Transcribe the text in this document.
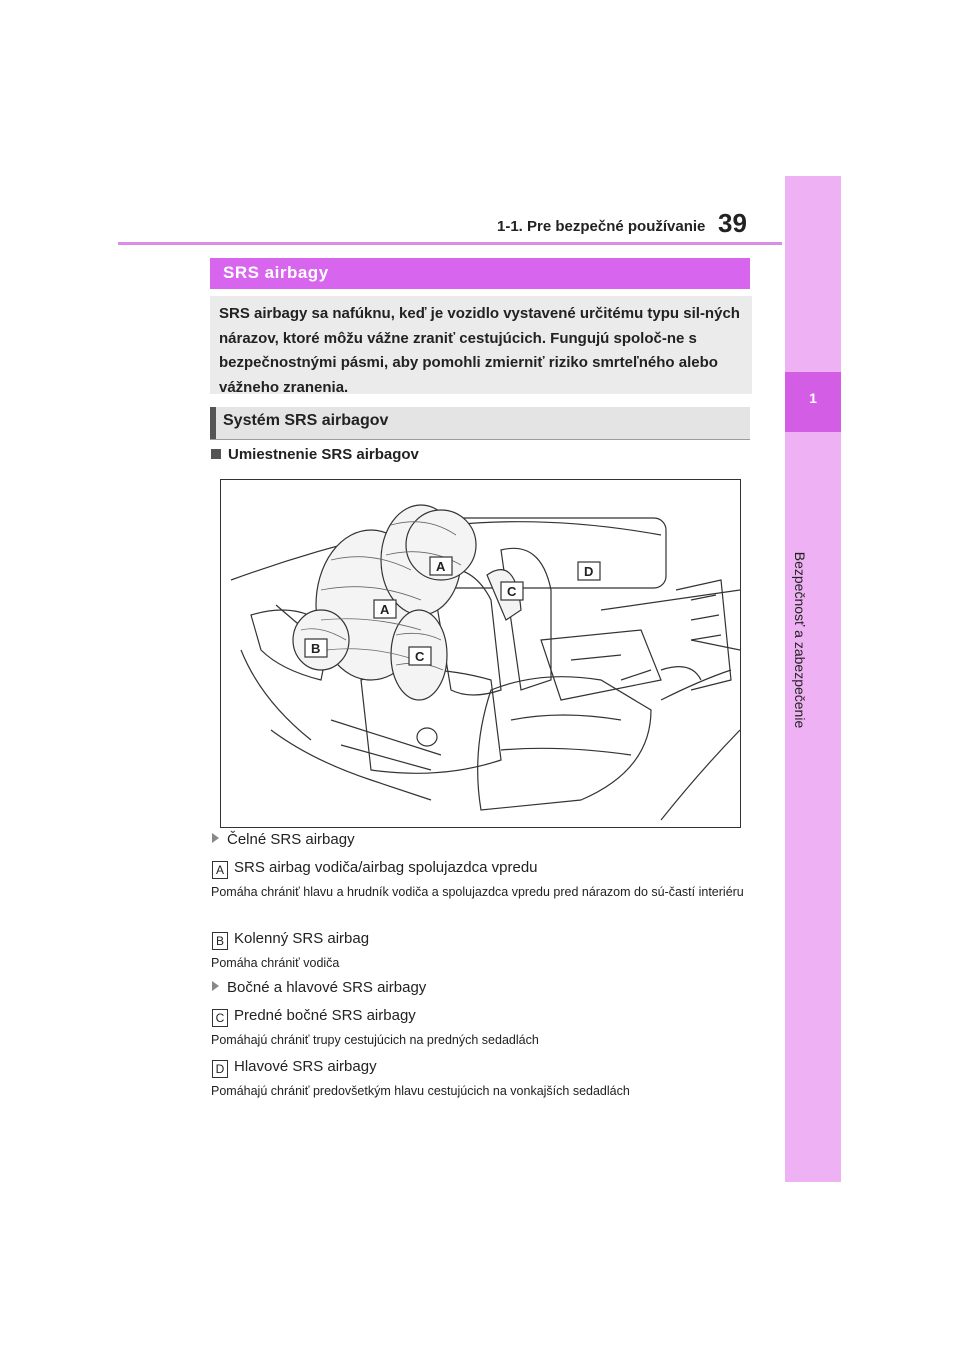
1
Bezpečnosť a zabezpečenie
1-1. Pre bezpečné používanie 39
SRS airbagy

SRS airbagy sa nafúknu, keď je vozidlo vystavené určitému typu sil-ných nárazov, ktoré môžu vážne zraniť cestujúcich. Fungujú spoloč-ne s bezpečnostnými pásmi, aby pomohli zmierniť riziko smrteľného alebo vážneho zranenia.

Systém SRS airbagov
Umiestnenie SRS airbagov
A
A
B
C
C
D
Čelné SRS airbagy
A SRS airbag vodiča/airbag spolujazdca vpredu
Pomáha chrániť hlavu a hrudník vodiča a spolujazdca vpredu pred nárazom do sú-častí interiéru
B Kolenný SRS airbag
Pomáha chrániť vodiča
Bočné a hlavové SRS airbagy
C Predné bočné SRS airbagy
Pomáhajú chrániť trupy cestujúcich na predných sedadlách
D Hlavové SRS airbagy
Pomáhajú chrániť predovšetkým hlavu cestujúcich na vonkajších sedadlách
